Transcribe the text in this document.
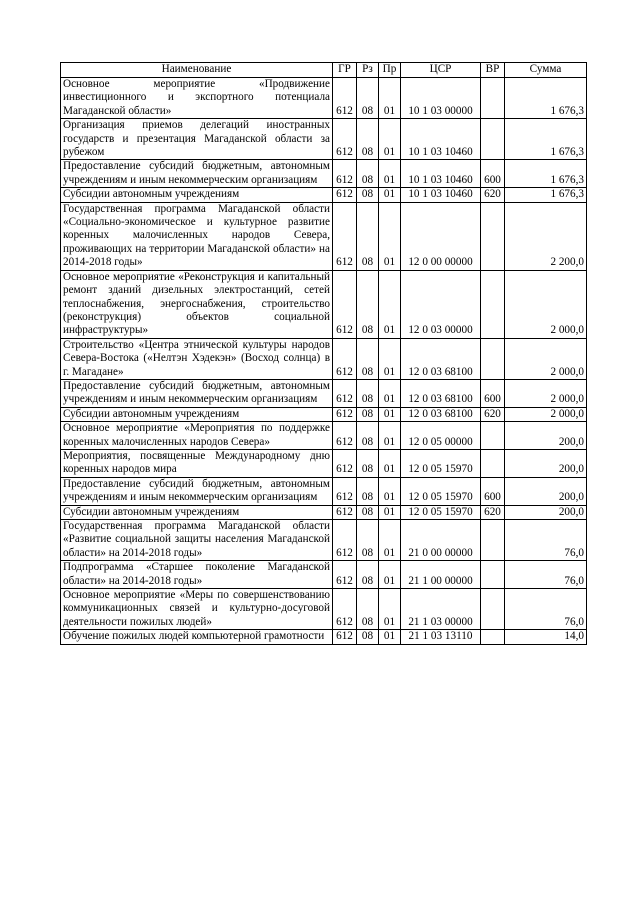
Наименование	ГР	Рз	Пр	ЦСР	ВР	Сумма
Основное мероприятие «Продвижение инвестиционного и экспортного потенциала Магаданской области»	612	08	01	10 1 03 00000		1 676,3
Организация приемов делегаций иностранных государств и презентация Магаданской области за рубежом	612	08	01	10 1 03 10460		1 676,3
Предоставление субсидий бюджетным, автономным учреждениям и иным некоммерческим организациям	612	08	01	10 1 03 10460	600	1 676,3
Субсидии автономным учреждениям	612	08	01	10 1 03 10460	620	1 676,3
Государственная программа Магаданской области «Социально-экономическое и культурное развитие коренных малочисленных народов Севера, проживающих на территории Магаданской области» на 2014-2018 годы»	612	08	01	12 0 00 00000		2 200,0
Основное мероприятие «Реконструкция и капитальный ремонт зданий дизельных электростанций, сетей теплоснабжения, энергоснабжения, строительство (реконструкция) объектов социальной инфраструктуры»	612	08	01	12 0 03 00000		2 000,0
Строительство «Центра этнической культуры народов Севера-Востока («Нелтэн Хэдекэн» (Восход солнца) в г. Магадане»	612	08	01	12 0 03 68100		2 000,0
Предоставление субсидий бюджетным, автономным учреждениям и иным некоммерческим организациям	612	08	01	12 0 03 68100	600	2 000,0
Субсидии автономным учреждениям	612	08	01	12 0 03 68100	620	2 000,0
Основное мероприятие «Мероприятия по поддержке коренных малочисленных народов Севера»	612	08	01	12 0 05 00000		200,0
Мероприятия, посвященные Международному дню коренных народов мира	612	08	01	12 0 05 15970		200,0
Предоставление субсидий бюджетным, автономным учреждениям и иным некоммерческим организациям	612	08	01	12 0 05 15970	600	200,0
Субсидии автономным учреждениям	612	08	01	12 0 05 15970	620	200,0
Государственная программа Магаданской области «Развитие социальной защиты населения Магаданской области» на 2014-2018 годы»	612	08	01	21 0 00 00000		76,0
Подпрограмма «Старшее поколение Магаданской области» на 2014-2018 годы»	612	08	01	21 1 00 00000		76,0
Основное мероприятие «Меры по совершенствованию коммуникационных связей и культурно-досуговой деятельности пожилых людей»	612	08	01	21 1 03 00000		76,0
Обучение пожилых людей компьютерной грамотности	612	08	01	21 1 03 13110		14,0
